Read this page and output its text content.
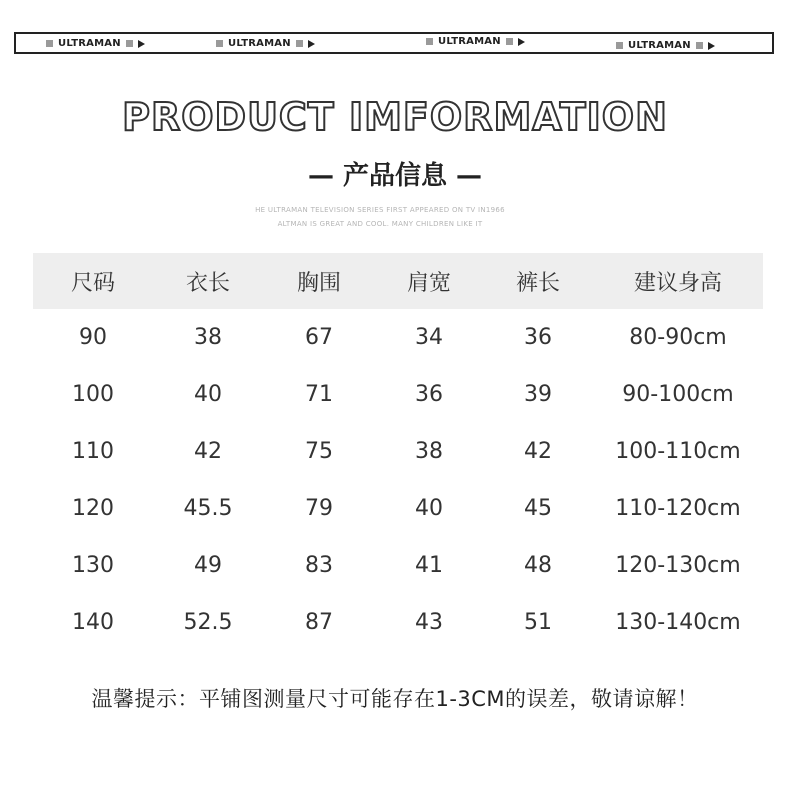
ULTRAMAN	ULTRAMAN	ULTRAMAN	ULTRAMAN
PRODUCT IMFORMATION
— 产品信息 —
HE ULTRAMAN TELEVISION SERIES FIRST APPEARED ON TV IN1966
ALTMAN IS GREAT AND COOL. MANY CHILDREN LIKE IT
尺码	衣长	胸围	肩宽	裤长	建议身高
90	38	67	34	36	80-90cm
100	40	71	36	39	90-100cm
110	42	75	38	42	100-110cm
120	45.5	79	40	45	110-120cm
130	49	83	41	48	120-130cm
140	52.5	87	43	51	130-140cm
温馨提示：平铺图测量尺寸可能存在1-3CM的误差，敬请谅解！
